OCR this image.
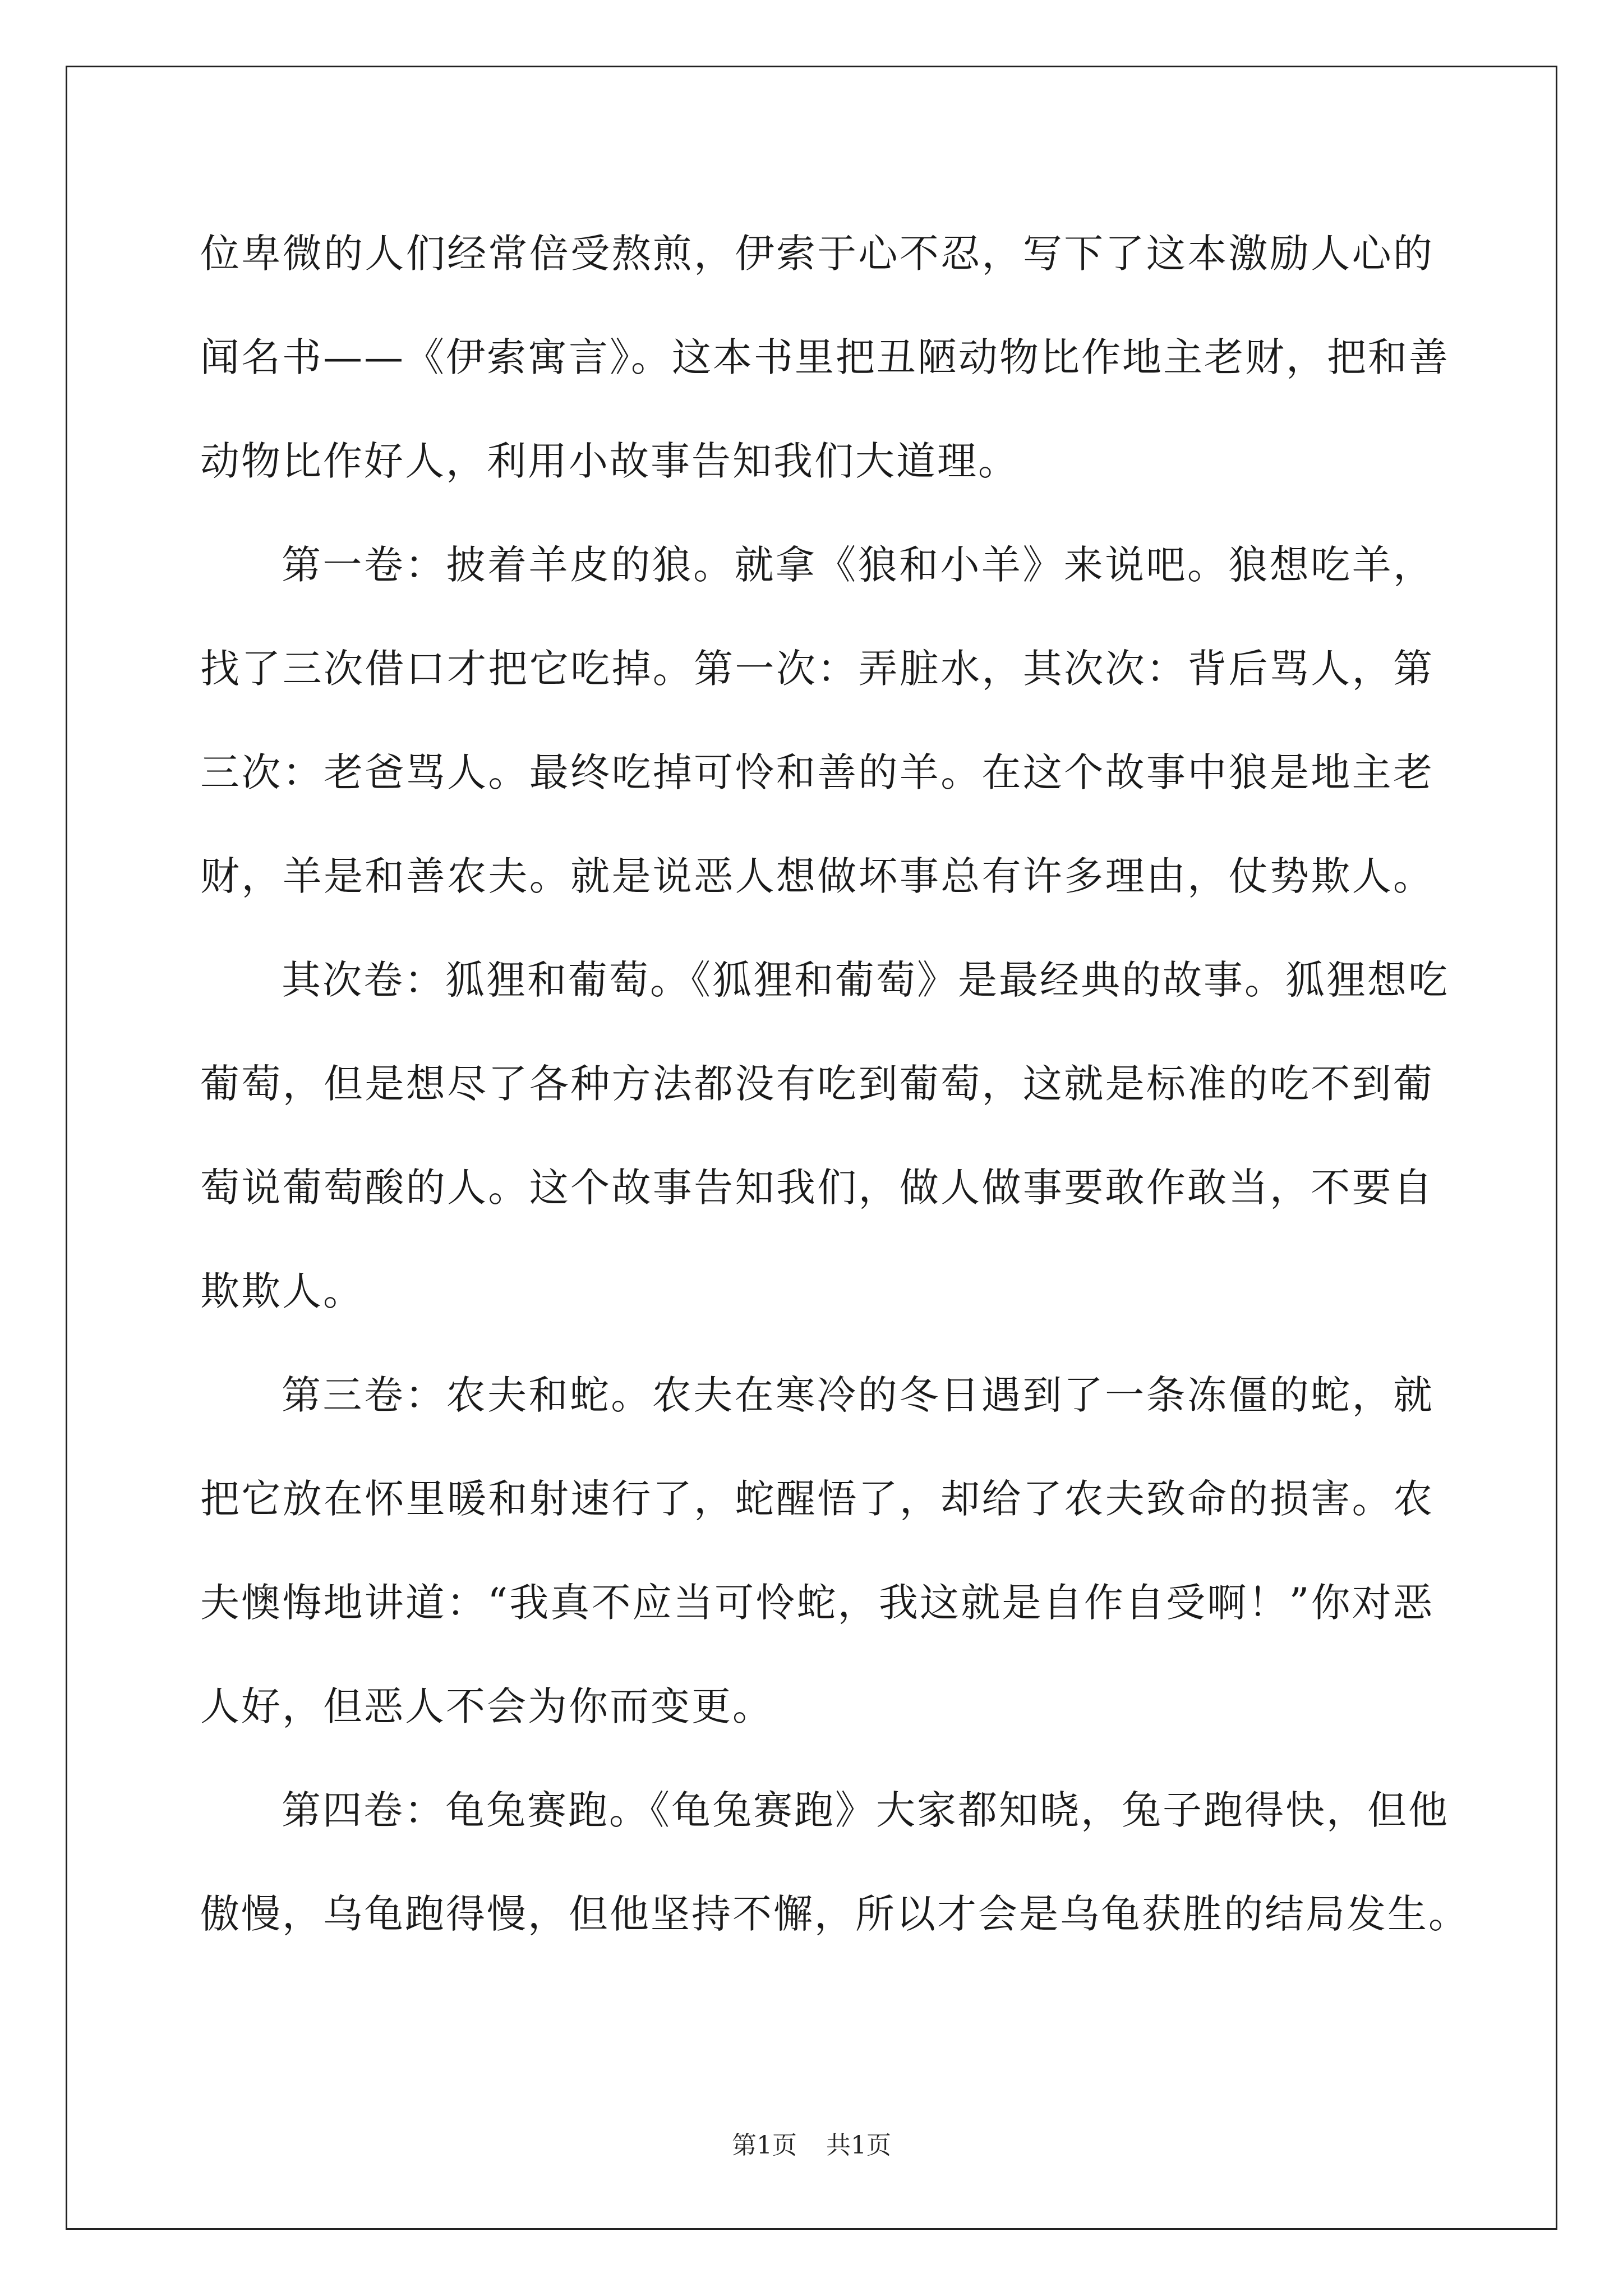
位卑微的人们经常倍受熬煎，伊索于心不忍，写下了这本激励人心的
闻名书——《伊索寓言》。这本书里把丑陋动物比作地主老财，把和善
动物比作好人，利用小故事告知我们大道理。
第一卷：披着羊皮的狼。就拿《狼和小羊》来说吧。狼想吃羊，
找了三次借口才把它吃掉。第一次：弄脏水，其次次：背后骂人，第
三次：老爸骂人。最终吃掉可怜和善的羊。在这个故事中狼是地主老
财，羊是和善农夫。就是说恶人想做坏事总有许多理由，仗势欺人。
其次卷：狐狸和葡萄。《狐狸和葡萄》是最经典的故事。狐狸想吃
葡萄，但是想尽了各种方法都没有吃到葡萄，这就是标准的吃不到葡
萄说葡萄酸的人。这个故事告知我们，做人做事要敢作敢当，不要自
欺欺人。
第三卷：农夫和蛇。农夫在寒冷的冬日遇到了一条冻僵的蛇，就
把它放在怀里暖和射速行了，蛇醒悟了，却给了农夫致命的损害。农
夫懊悔地讲道：“我真不应当可怜蛇，我这就是自作自受啊！”你对恶
人好，但恶人不会为你而变更。
第四卷：龟兔赛跑。《龟兔赛跑》大家都知晓，兔子跑得快，但他
傲慢，乌龟跑得慢，但他坚持不懈，所以才会是乌龟获胜的结局发生。
第1页 共1页
